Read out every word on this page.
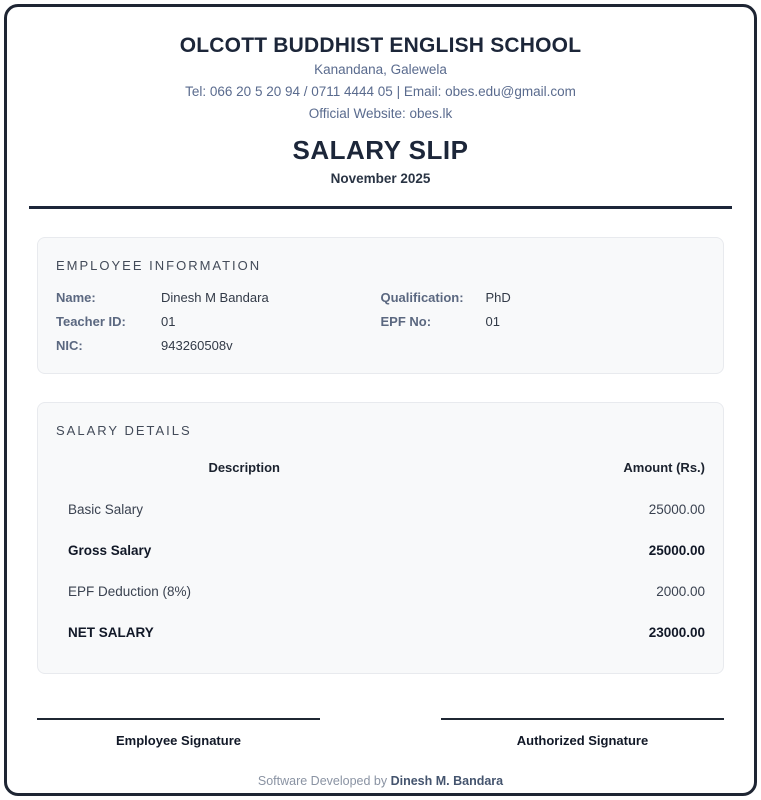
OLCOTT BUDDHIST ENGLISH SCHOOL
Kanandana, Galewela
Tel: 066 20 5 20 94 / 0711 4444 05 | Email: obes.edu@gmail.com
Official Website: obes.lk
SALARY SLIP
November 2025
EMPLOYEE INFORMATION
Name:	Dinesh M Bandara	Qualification:	PhD
Teacher ID:	01	EPF No:	01
NIC:	943260508v
SALARY DETAILS
Description	Amount (Rs.)
Basic Salary	25000.00
Gross Salary	25000.00
EPF Deduction (8%)	2000.00
NET SALARY	23000.00
Employee Signature	Authorized Signature
Software Developed by Dinesh M. Bandara
